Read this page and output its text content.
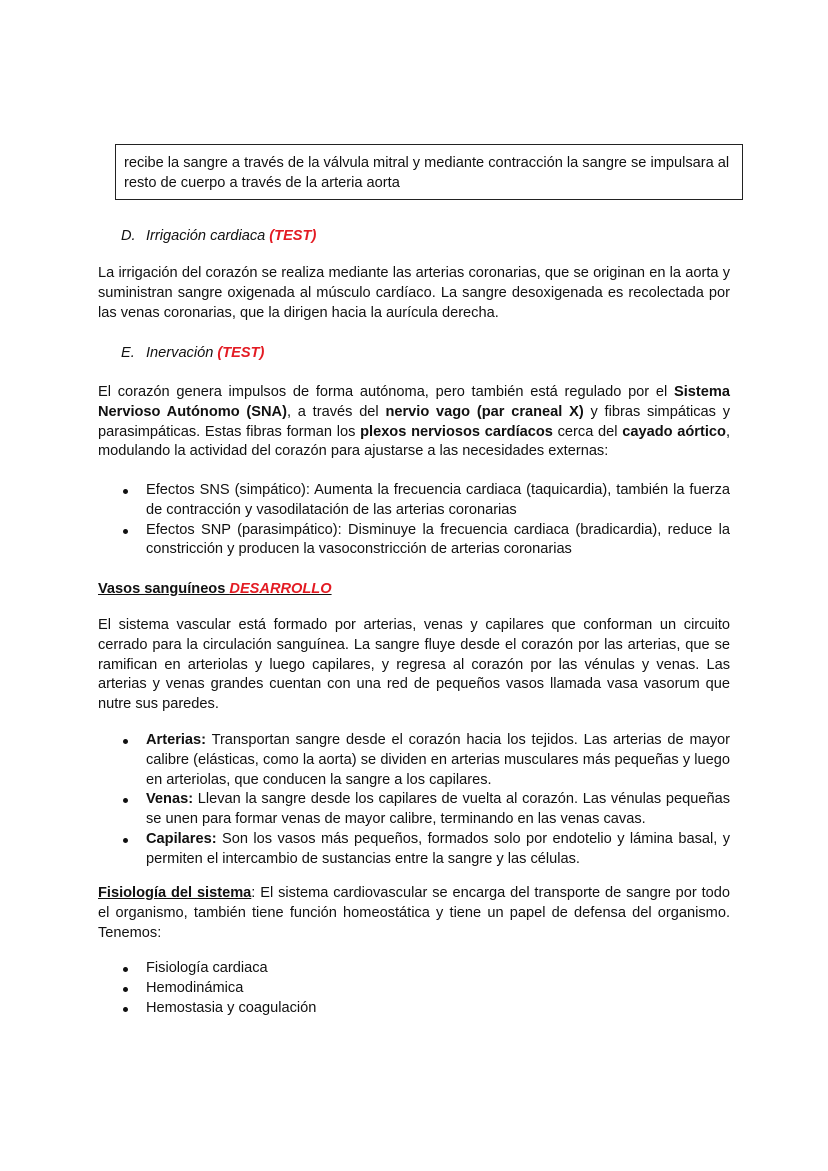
recibe la sangre a través de la válvula mitral y mediante contracción la sangre se impulsara al
resto de cuerpo a través de la arteria aorta
D. Irrigación cardiaca (TEST)

La irrigación del corazón se realiza mediante las arterias coronarias, que se originan en la aorta y suministran sangre oxigenada al músculo cardíaco. La sangre desoxigenada es recolectada por las venas coronarias, que la dirigen hacia la aurícula derecha.

E. Inervación (TEST)

El corazón genera impulsos de forma autónoma, pero también está regulado por el Sistema Nervioso Autónomo (SNA), a través del nervio vago (par craneal X) y fibras simpáticas y parasimpáticas. Estas fibras forman los plexos nerviosos cardíacos cerca del cayado aórtico, modulando la actividad del corazón para ajustarse a las necesidades externas:

Efectos SNS (simpático): Aumenta la frecuencia cardiaca (taquicardia), también la fuerza de contracción y vasodilatación de las arterias coronarias
Efectos SNP (parasimpático): Disminuye la frecuencia cardiaca (bradicardia), reduce la constricción y producen la vasoconstricción de arterias coronarias
Vasos sanguíneos DESARROLLO

El sistema vascular está formado por arterias, venas y capilares que conforman un circuito cerrado para la circulación sanguínea. La sangre fluye desde el corazón por las arterias, que se ramifican en arteriolas y luego capilares, y regresa al corazón por las vénulas y venas. Las arterias y venas grandes cuentan con una red de pequeños vasos llamada vasa vasorum que nutre sus paredes.

Arterias: Transportan sangre desde el corazón hacia los tejidos. Las arterias de mayor calibre (elásticas, como la aorta) se dividen en arterias musculares más pequeñas y luego en arteriolas, que conducen la sangre a los capilares.
Venas: Llevan la sangre desde los capilares de vuelta al corazón. Las vénulas pequeñas se unen para formar venas de mayor calibre, terminando en las venas cavas.
Capilares: Son los vasos más pequeños, formados solo por endotelio y lámina basal, y permiten el intercambio de sustancias entre la sangre y las células.

Fisiología del sistema: El sistema cardiovascular se encarga del transporte de sangre por todo el organismo, también tiene función homeostática y tiene un papel de defensa del organismo. Tenemos:

Fisiología cardiaca
Hemodinámica
Hemostasia y coagulación
